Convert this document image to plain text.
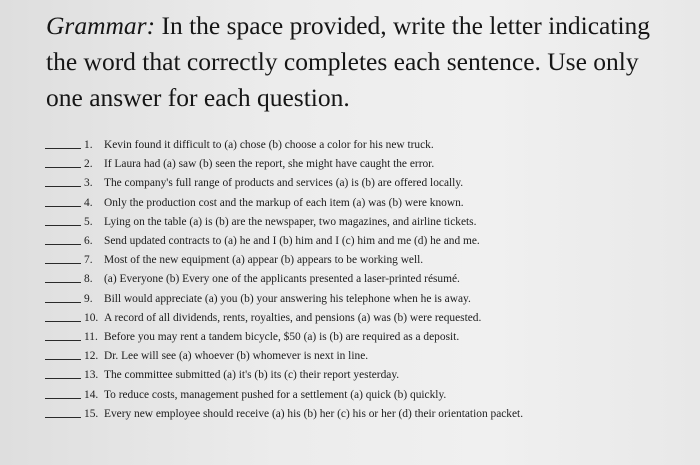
Grammar: In the space provided, write the letter indicating the word that correctly completes each sentence. Use only one answer for each question.
1.	Kevin found it difficult to (a) chose (b) choose a color for his new truck.
2.	If Laura had (a) saw (b) seen the report, she might have caught the error.
3.	The company's full range of products and services (a) is (b) are offered locally.
4.	Only the production cost and the markup of each item (a) was (b) were known.
5.	Lying on the table (a) is (b) are the newspaper, two magazines, and airline tickets.
6.	Send updated contracts to (a) he and I (b) him and I (c) him and me (d) he and me.
7.	Most of the new equipment (a) appear (b) appears to be working well.
8.	(a) Everyone (b) Every one of the applicants presented a laser-printed résumé.
9.	Bill would appreciate (a) you (b) your answering his telephone when he is away.
10. A record of all dividends, rents, royalties, and pensions (a) was (b) were requested.
11. Before you may rent a tandem bicycle, $50 (a) is (b) are required as a deposit.
12. Dr. Lee will see (a) whoever (b) whomever is next in line.
13. The committee submitted (a) it's (b) its (c) their report yesterday.
14. To reduce costs, management pushed for a settlement (a) quick (b) quickly.
15. Every new employee should receive (a) his (b) her (c) his or her (d) their orientation packet.
